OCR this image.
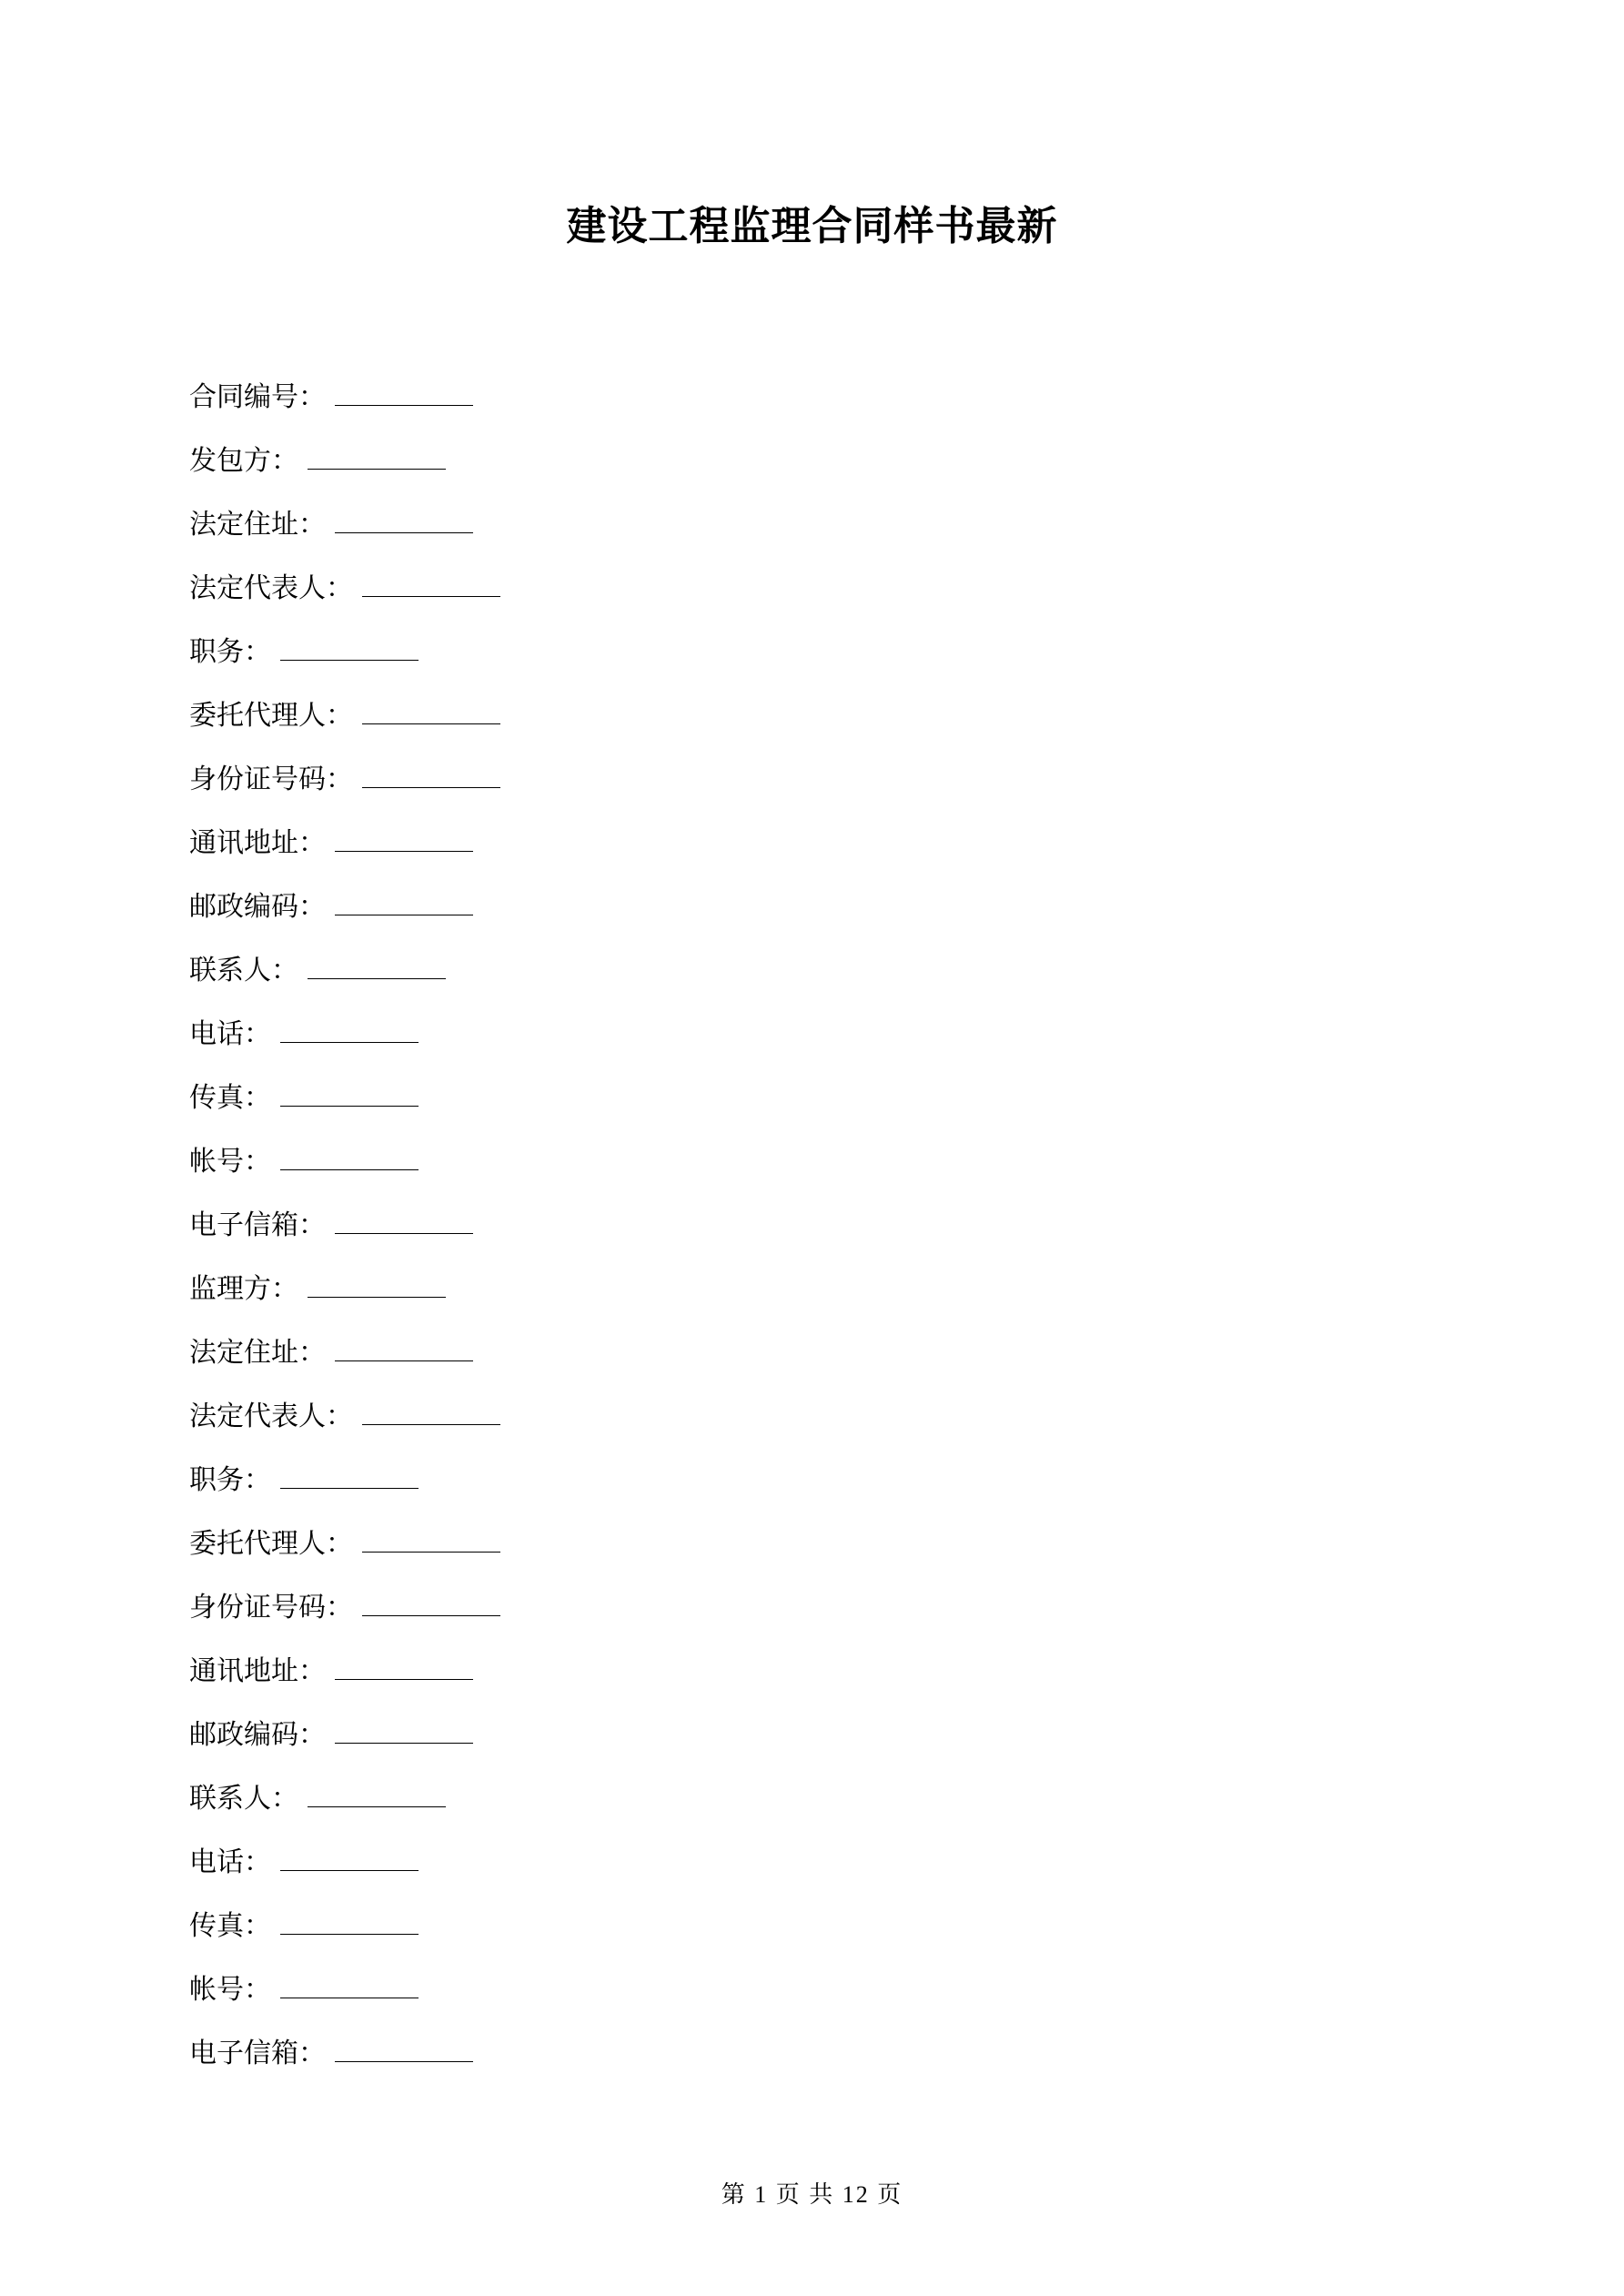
建设工程监理合同样书最新
合同编号：
发包方：
法定住址：
法定代表人：
职务：
委托代理人：
身份证号码：
通讯地址：
邮政编码：
联系人：
电话：
传真：
帐号：
电子信箱：
监理方：
法定住址：
法定代表人：
职务：
委托代理人：
身份证号码：
通讯地址：
邮政编码：
联系人：
电话：
传真：
帐号：
电子信箱：
第 1 页 共 12 页
